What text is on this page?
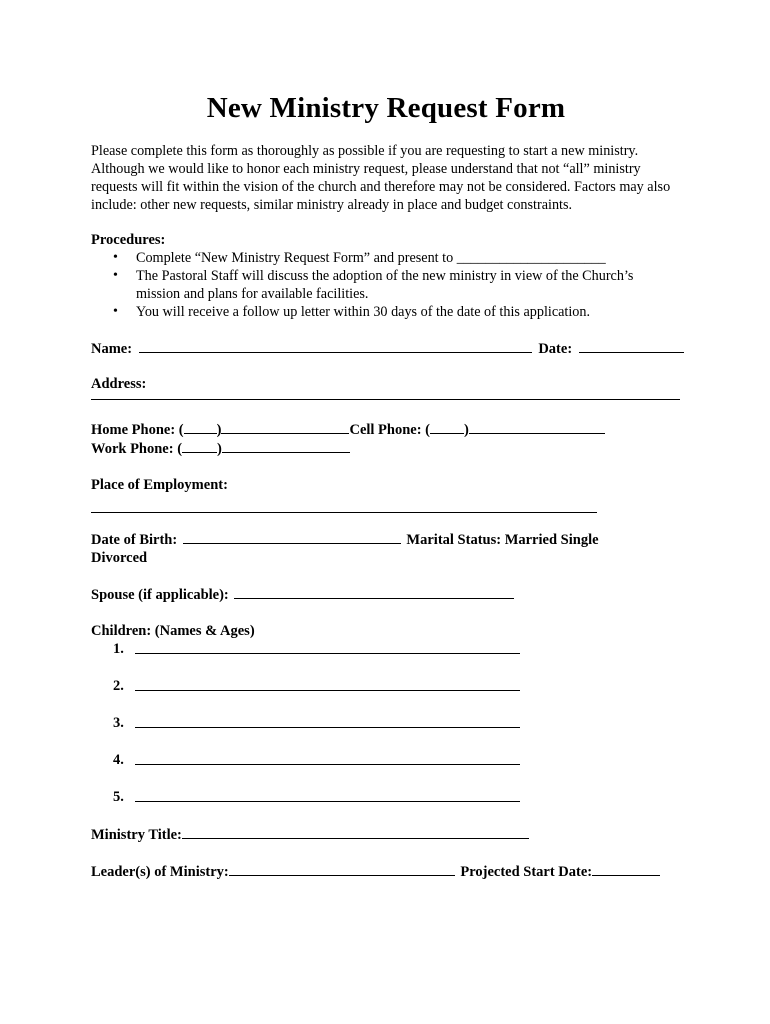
New Ministry Request Form

Please complete this form as thoroughly as possible if you are requesting to start a new ministry. Although we would like to honor each ministry request, please understand that not “all” ministry requests will fit within the vision of the church and therefore may not be considered. Factors may also include: other new requests, similar ministry already in place and budget constraints.

Procedures:
• Complete “New Ministry Request Form” and present to _____________________
• The Pastoral Staff will discuss the adoption of the new ministry in view of the Church’s mission and plans for available facilities.
• You will receive a follow up letter within 30 days of the date of this application.
Name:	Date:
Address:
Home Phone: ( )	Cell Phone: ( )
Work Phone: ( )
Place of Employment:
Date of Birth:	Marital Status: Married Single
Divorced
Spouse (if applicable):
Children: (Names & Ages)
1.
2.
3.
4.
5.
Ministry Title:
Leader(s) of Ministry:	Projected Start Date:
